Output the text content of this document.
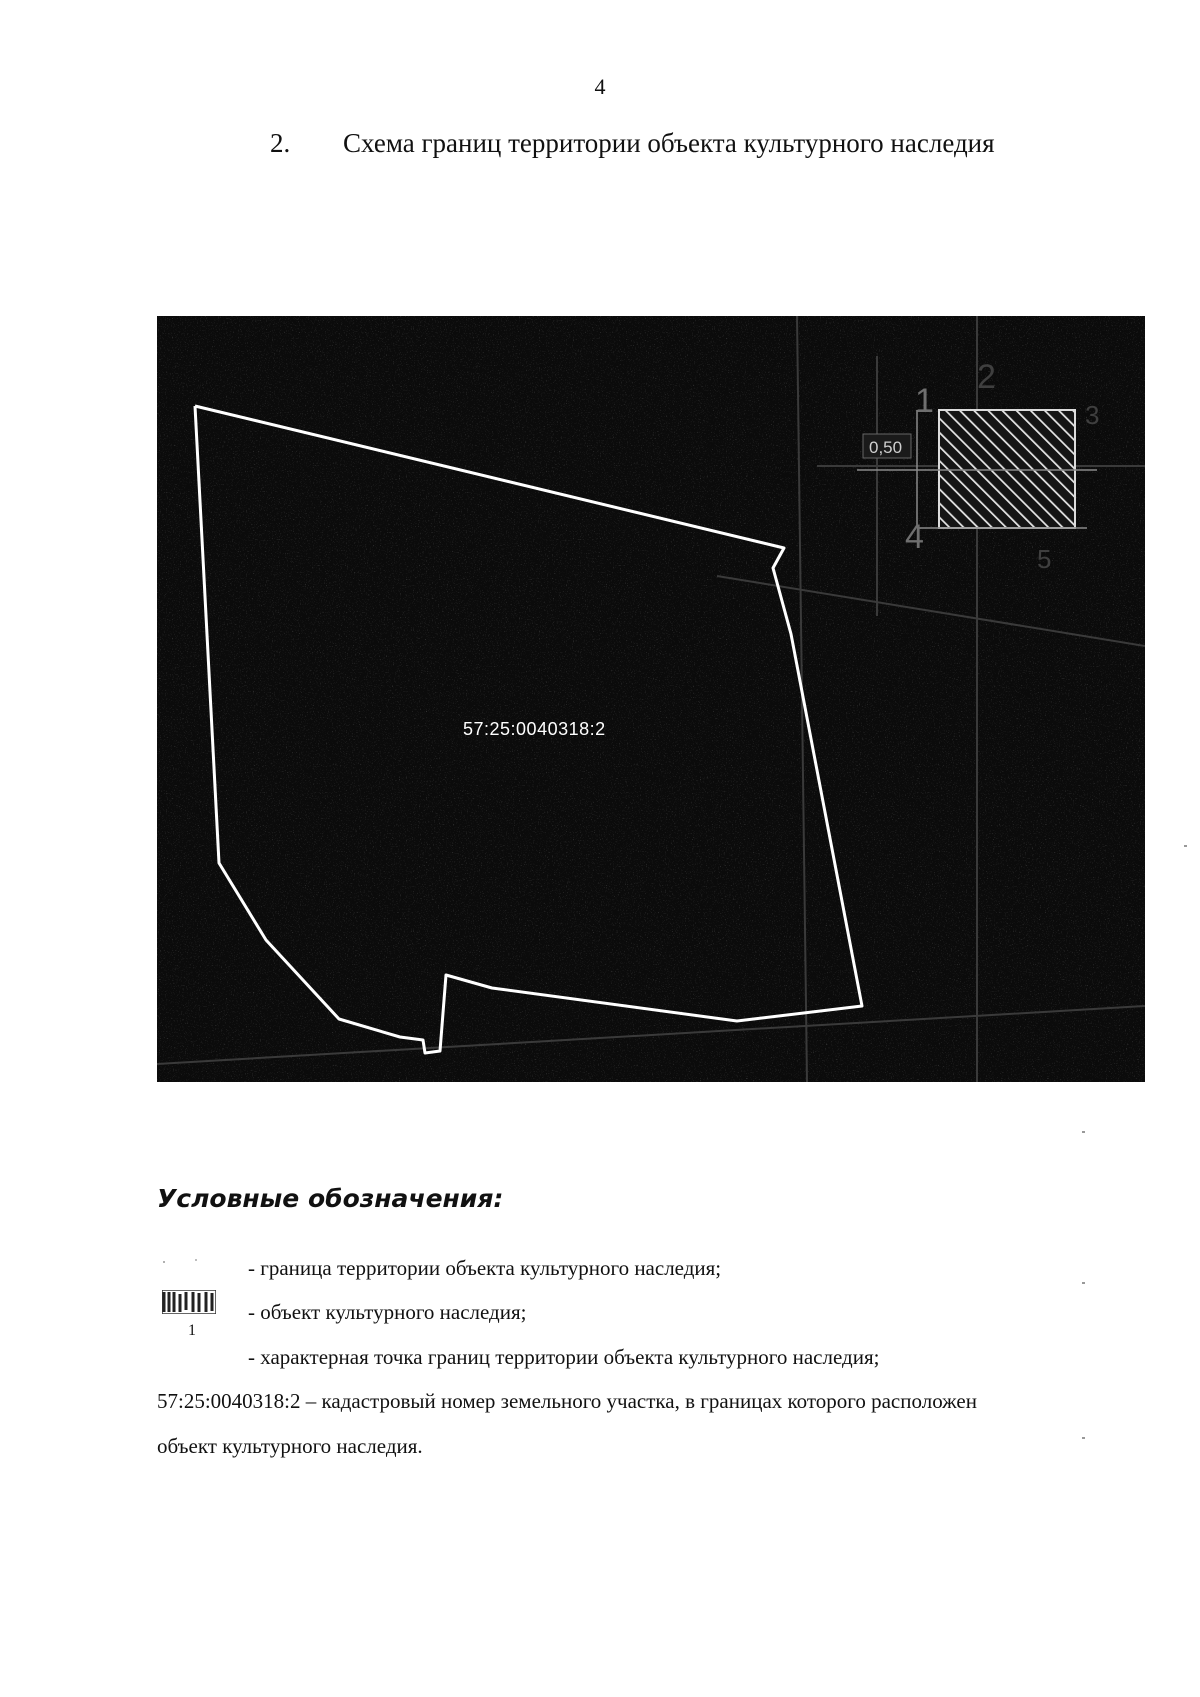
4
2. Схема границ территории объекта культурного наследия
0,50
1
2
3
4
5
57:25:0040318:2
Условные обозначения:
- граница территории объекта культурного наследия;
- объект культурного наследия;
- характерная точка границ территории объекта культурного наследия;
1
57:25:0040318:2 – кадастровый номер земельного участка, в границах которого расположен
объект культурного наследия.
